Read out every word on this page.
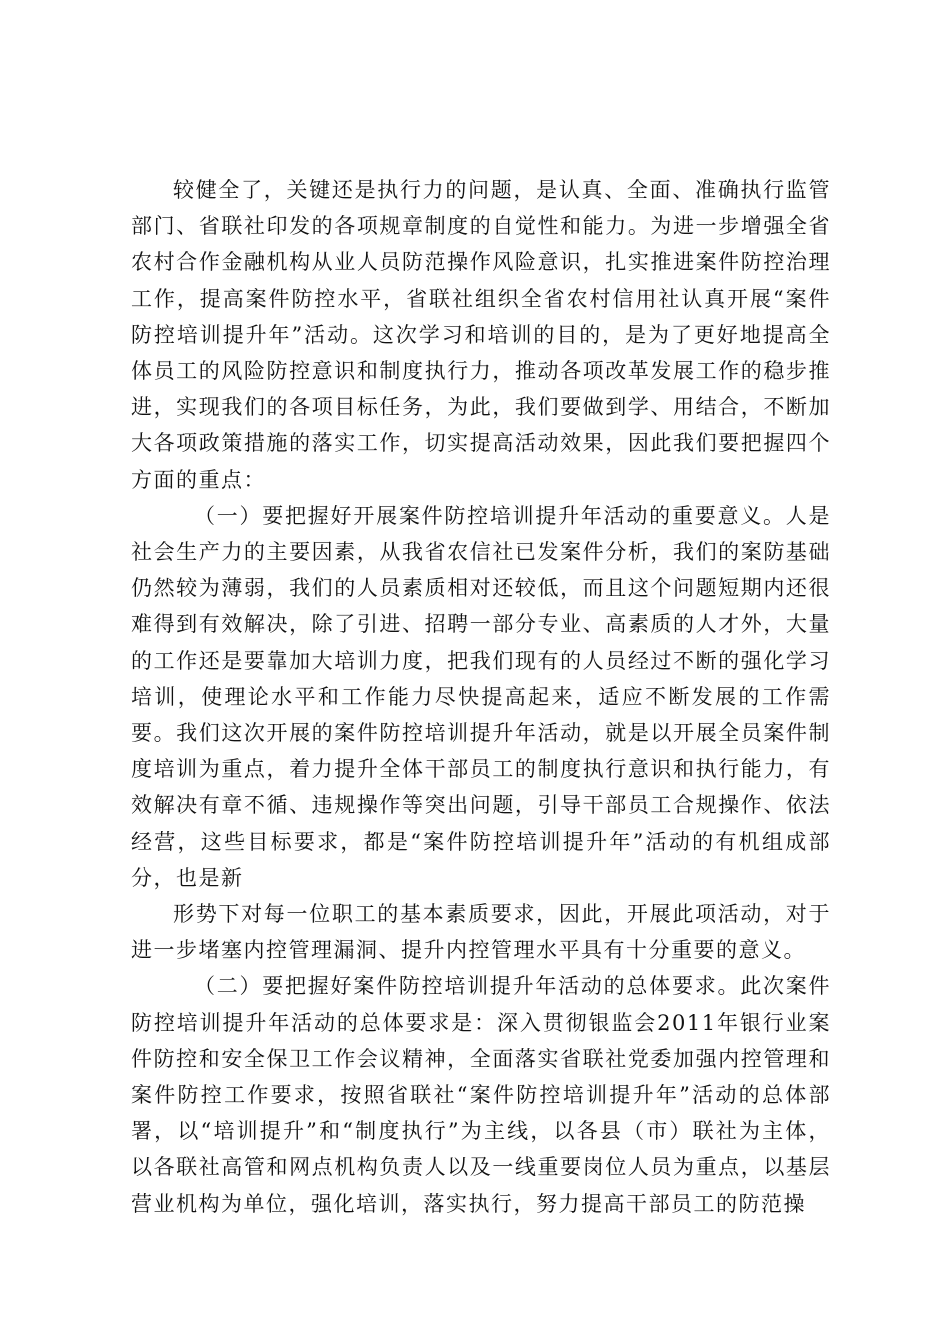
较健全了，关键还是执行力的问题，是认真、全面、准确执行监管部门、省联社印发的各项规章制度的自觉性和能力。为进一步增强全省农村合作金融机构从业人员防范操作风险意识，扎实推进案件防控治理工作，提高案件防控水平，省联社组织全省农村信用社认真开展“案件防控培训提升年”活动。这次学习和培训的目的，是为了更好地提高全体员工的风险防控意识和制度执行力，推动各项改革发展工作的稳步推进，实现我们的各项目标任务，为此，我们要做到学、用结合，不断加大各项政策措施的落实工作，切实提高活动效果，因此我们要把握四个方面的重点：

（一）要把握好开展案件防控培训提升年活动的重要意义。人是社会生产力的主要因素，从我省农信社已发案件分析，我们的案防基础仍然较为薄弱，我们的人员素质相对还较低，而且这个问题短期内还很难得到有效解决，除了引进、招聘一部分专业、高素质的人才外，大量的工作还是要靠加大培训力度，把我们现有的人员经过不断的强化学习培训，使理论水平和工作能力尽快提高起来，适应不断发展的工作需要。我们这次开展的案件防控培训提升年活动，就是以开展全员案件制度培训为重点，着力提升全体干部员工的制度执行意识和执行能力，有效解决有章不循、违规操作等突出问题，引导干部员工合规操作、依法经营，这些目标要求，都是“案件防控培训提升年”活动的有机组成部分，也是新

形势下对每一位职工的基本素质要求，因此，开展此项活动，对于进一步堵塞内控管理漏洞、提升内控管理水平具有十分重要的意义。

（二）要把握好案件防控培训提升年活动的总体要求。此次案件防控培训提升年活动的总体要求是：深入贯彻银监会2011年银行业案件防控和安全保卫工作会议精神，全面落实省联社党委加强内控管理和案件防控工作要求，按照省联社“案件防控培训提升年”活动的总体部署，以“培训提升”和“制度执行”为主线，以各县（市）联社为主体，以各联社高管和网点机构负责人以及一线重要岗位人员为重点，以基层营业机构为单位，强化培训，落实执行，努力提高干部员工的防范操
